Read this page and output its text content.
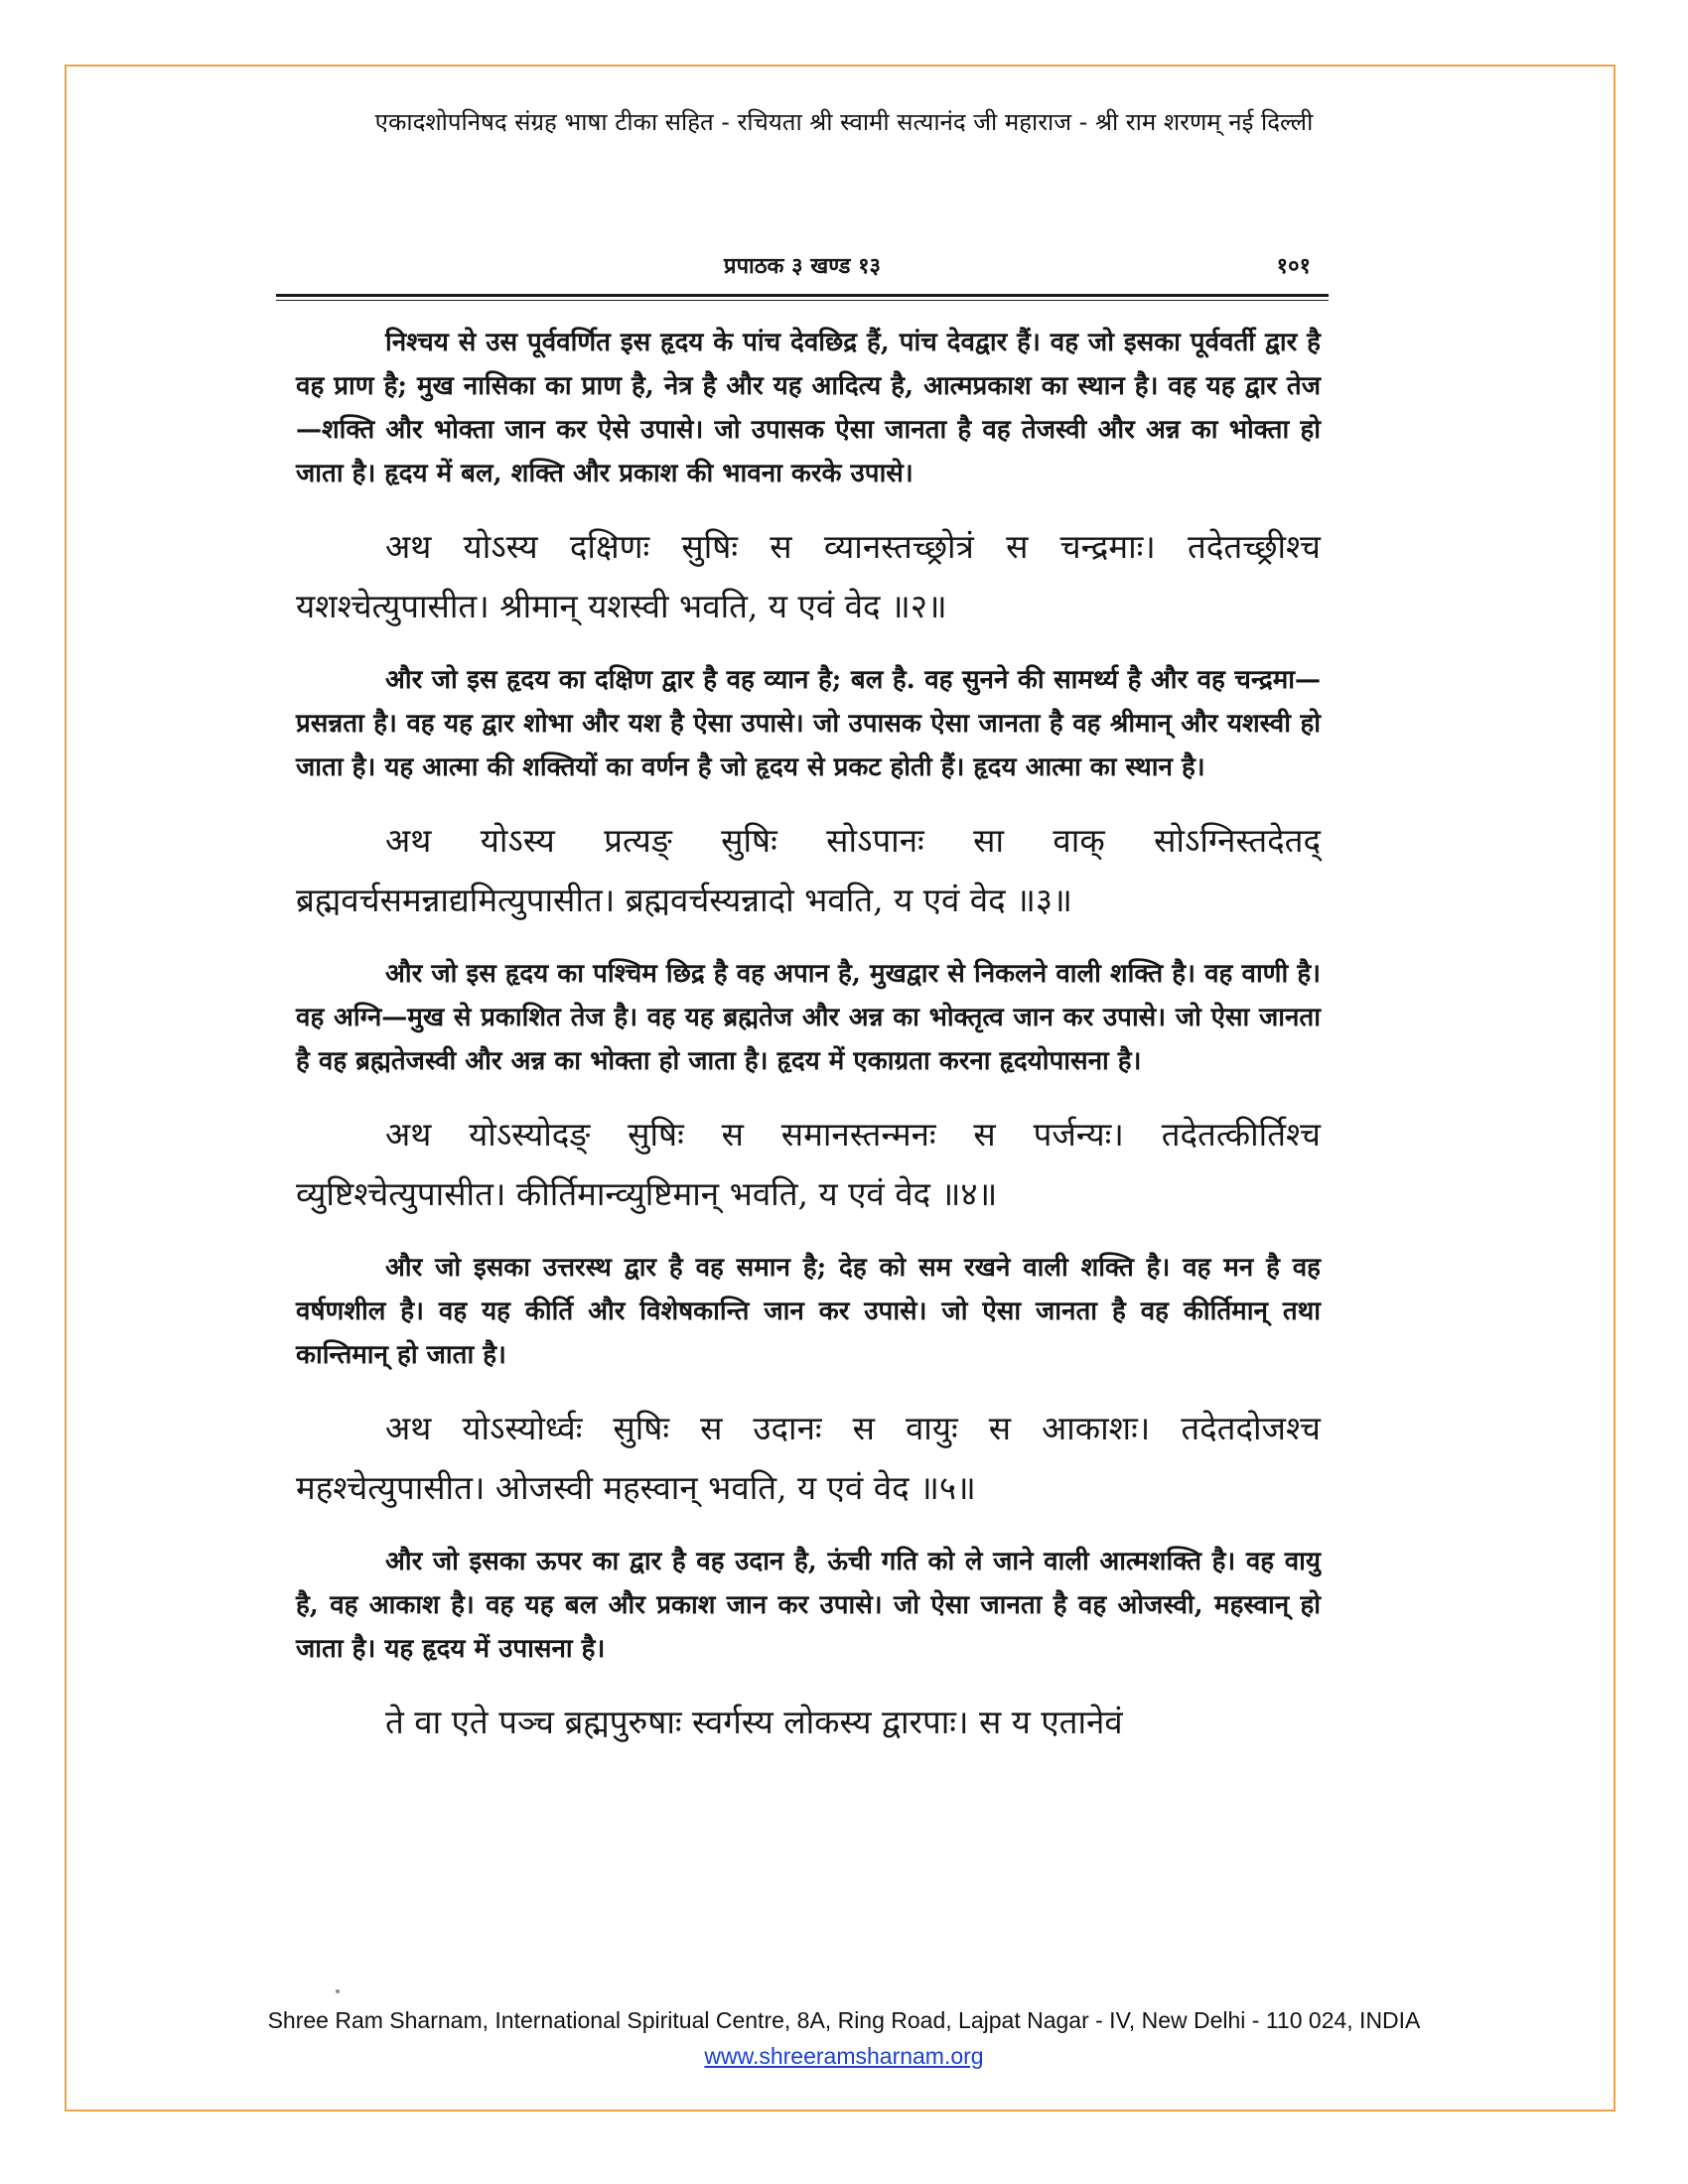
एकादशोपनिषद संग्रह भाषा टीका सहित - रचियता श्री स्वामी सत्यानंद जी महाराज - श्री राम शरणम् नई दिल्ली
प्रपाठक ३ खण्ड १३	१०१

निश्चय से उस पूर्ववर्णित इस हृदय के पांच देवछिद्र हैं, पांच देवद्वार हैं। वह जो इसका पूर्ववर्ती द्वार है वह प्राण है; मुख नासिका का प्राण है, नेत्र है और यह आदित्य है, आत्मप्रकाश का स्थान है। वह यह द्वार तेज—शक्ति और भोक्ता जान कर ऐसे उपासे। जो उपासक ऐसा जानता है वह तेजस्वी और अन्न का भोक्ता हो जाता है। हृदय में बल, शक्ति और प्रकाश की भावना करके उपासे।

अथ योऽस्य दक्षिणः सुषिः स व्यानस्तच्छ्रोत्रं स चन्द्रमाः। तदेतच्छ्रीश्च यशश्चेत्युपासीत। श्रीमान् यशस्वी भवति, य एवं वेद ॥२॥

और जो इस हृदय का दक्षिण द्वार है वह व्यान है; बल है. वह सुनने की सामर्थ्य है और वह चन्द्रमा—प्रसन्नता है। वह यह द्वार शोभा और यश है ऐसा उपासे। जो उपासक ऐसा जानता है वह श्रीमान् और यशस्वी हो जाता है। यह आत्मा की शक्तियों का वर्णन है जो हृदय से प्रकट होती हैं। हृदय आत्मा का स्थान है।

अथ योऽस्य प्रत्यङ् सुषिः सोऽपानः सा वाक् सोऽग्निस्तदेतद् ब्रह्मवर्चसमन्नाद्यमित्युपासीत। ब्रह्मवर्चस्यन्नादो भवति, य एवं वेद ॥३॥

और जो इस हृदय का पश्चिम छिद्र है वह अपान है, मुखद्वार से निकलने वाली शक्ति है। वह वाणी है। वह अग्नि—मुख से प्रकाशित तेज है। वह यह ब्रह्मतेज और अन्न का भोक्तृत्व जान कर उपासे। जो ऐसा जानता है वह ब्रह्मतेजस्वी और अन्न का भोक्ता हो जाता है। हृदय में एकाग्रता करना हृदयोपासना है।

अथ योऽस्योदङ् सुषिः स समानस्तन्मनः स पर्जन्यः। तदेतत्कीर्तिश्च व्युष्टिश्चेत्युपासीत। कीर्तिमान्व्युष्टिमान् भवति, य एवं वेद ॥४॥

और जो इसका उत्तरस्थ द्वार है वह समान है; देह को सम रखने वाली शक्ति है। वह मन है वह वर्षणशील है। वह यह कीर्ति और विशेषकान्ति जान कर उपासे। जो ऐसा जानता है वह कीर्तिमान् तथा कान्तिमान् हो जाता है।

अथ योऽस्योर्ध्वः सुषिः स उदानः स वायुः स आकाशः। तदेतदोजश्च महश्चेत्युपासीत। ओजस्वी महस्वान् भवति, य एवं वेद ॥५॥

और जो इसका ऊपर का द्वार है वह उदान है, ऊंची गति को ले जाने वाली आत्मशक्ति है। वह वायु है, वह आकाश है। वह यह बल और प्रकाश जान कर उपासे। जो ऐसा जानता है वह ओजस्वी, महस्वान् हो जाता है। यह हृदय में उपासना है।

ते वा एते पञ्च ब्रह्मपुरुषाः स्वर्गस्य लोकस्य द्वारपाः। स य एतानेवं

Shree Ram Sharnam, International Spiritual Centre, 8A, Ring Road, Lajpat Nagar - IV, New Delhi - 110 024, INDIA
www.shreeramsharnam.org
